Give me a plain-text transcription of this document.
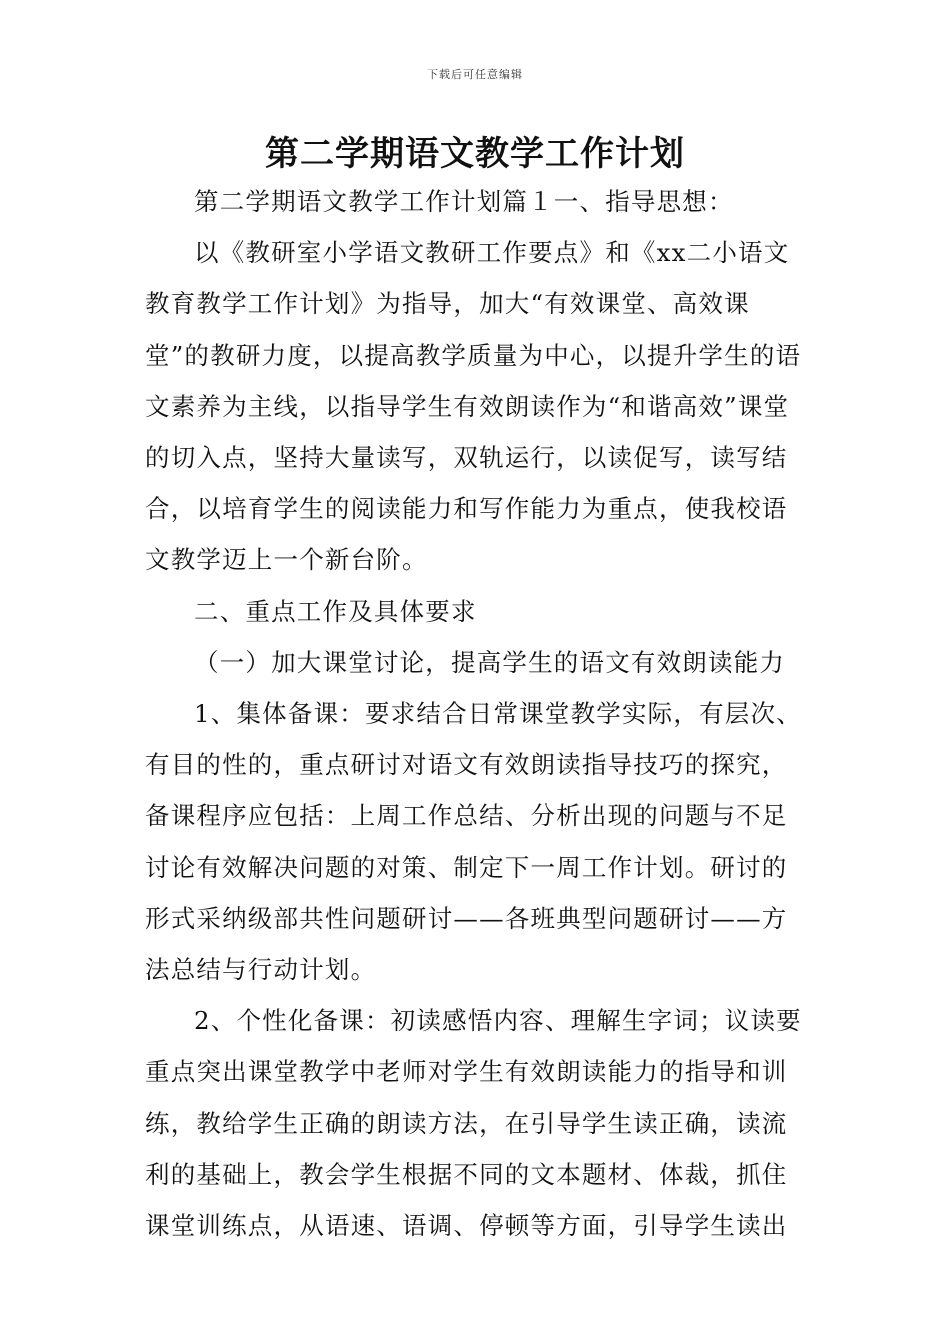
下载后可任意编辑
第二学期语文教学工作计划

第二学期语文教学工作计划篇１一、指导思想：

以《教研室小学语文教研工作要点》和《xx二小语文教育教学工作计划》为指导，加大“有效课堂、高效课堂”的教研力度，以提高教学质量为中心，以提升学生的语文素养为主线，以指导学生有效朗读作为“和谐高效”课堂的切入点，坚持大量读写，双轨运行，以读促写，读写结合，以培育学生的阅读能力和写作能力为重点，使我校语文教学迈上一个新台阶。

二、重点工作及具体要求

（一）加大课堂讨论，提高学生的语文有效朗读能力

1、集体备课：要求结合日常课堂教学实际，有层次、有目的性的，重点研讨对语文有效朗读指导技巧的探究，备课程序应包括：上周工作总结、分析出现的问题与不足讨论有效解决问题的对策、制定下一周工作计划。研讨的形式采纳级部共性问题研讨——各班典型问题研讨——方法总结与行动计划。

2、个性化备课：初读感悟内容、理解生字词；议读要重点突出课堂教学中老师对学生有效朗读能力的指导和训练，教给学生正确的朗读方法，在引导学生读正确，读流利的基础上，教会学生根据不同的文本题材、体裁，抓住课堂训练点，从语速、语调、停顿等方面，引导学生读出
